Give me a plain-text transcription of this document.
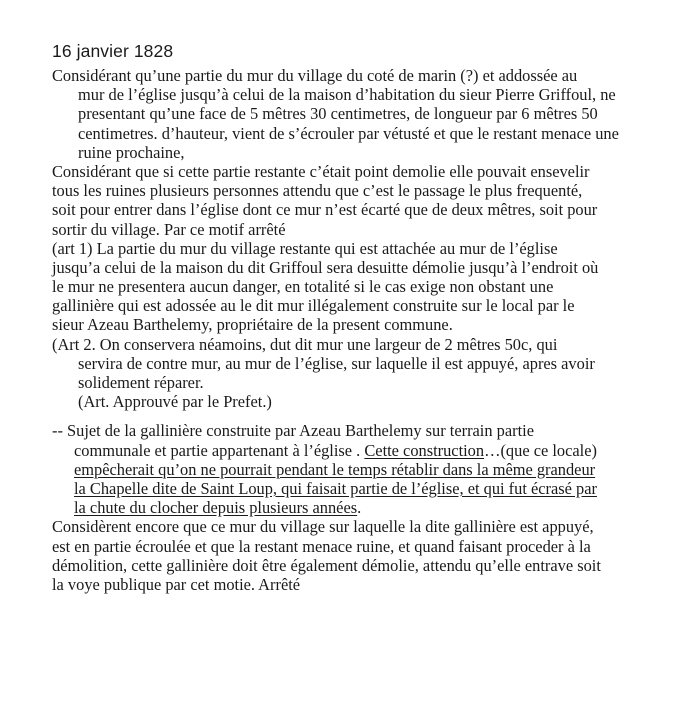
16 janvier 1828
Considérant qu’une partie du mur du village du coté de marin (?) et addossée au
mur de l’église jusqu’à celui de la maison d’habitation du sieur Pierre Griffoul, ne
presentant qu’une face de 5 mêtres 30 centimetres, de longueur par 6 mêtres 50
centimetres. d’hauteur, vient de s’écrouler par vétusté et que le restant menace une
ruine prochaine,
Considérant que si cette partie restante c’était point demolie elle pouvait ensevelir
tous les ruines plusieurs personnes attendu que c’est le passage le plus frequenté,
soit pour entrer dans l’église dont ce mur n’est écarté que de deux mêtres, soit pour
sortir du village. Par ce motif arrêté
(art 1) La partie du mur du village restante qui est attachée au mur de l’église
jusqu’a celui de la maison du dit Griffoul sera desuitte démolie jusqu’à l’endroit où
le mur ne presentera aucun danger, en totalité si le cas exige non obstant une
gallinière qui est adossée au le dit mur illégalement construite sur le local par le
sieur Azeau Barthelemy, propriétaire de la present commune.
(Art 2. On conservera néamoins, dut dit mur une largeur de 2 mêtres 50c, qui
servira de contre mur, au mur de l’église, sur laquelle il est appuyé, apres avoir
solidement réparer.
(Art. Approuvé par le Prefet.)
-- Sujet de la gallinière construite par Azeau Barthelemy sur terrain partie
communale et partie appartenant à l’église . Cette construction…(que ce locale)
empêcherait qu’on ne pourrait pendant le temps rétablir dans la même grandeur
la Chapelle dite de Saint Loup, qui faisait partie de l’église, et qui fut écrasé par
la chute du clocher depuis plusieurs années.
Considèrent encore que ce mur du village sur laquelle la dite gallinière est appuyé,
est en partie écroulée et que la restant menace ruine, et quand faisant proceder à la
démolition, cette gallinière doit être également démolie, attendu qu’elle entrave soit
la voye publique par cet motie. Arrêté
